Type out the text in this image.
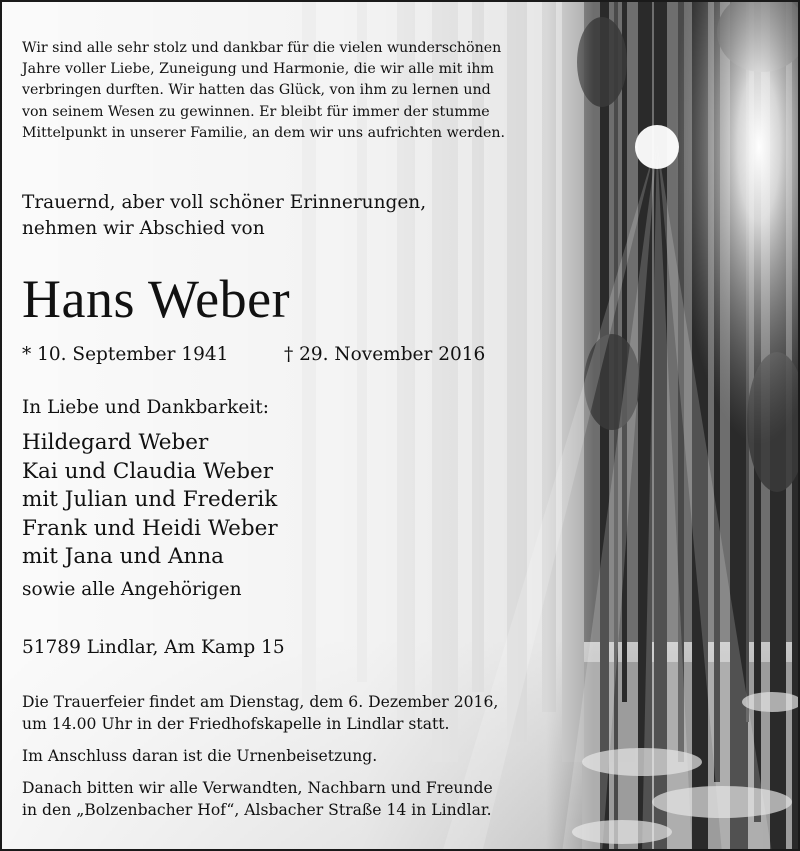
Wir sind alle sehr stolz und dankbar für die vielen wunderschönen
Jahre voller Liebe, Zuneigung und Harmonie, die wir alle mit ihm
verbringen durften. Wir hatten das Glück, von ihm zu lernen und
von seinem Wesen zu gewinnen. Er bleibt für immer der stumme
Mittelpunkt in unserer Familie, an dem wir uns aufrichten werden.
Trauernd, aber voll schöner Erinnerungen,
nehmen wir Abschied von
Hans Weber
* 10. September 1941	† 29. November 2016
In Liebe und Dankbarkeit:
Hildegard Weber
Kai und Claudia Weber
mit Julian und Frederik
Frank und Heidi Weber
mit Jana und Anna
sowie alle Angehörigen
51789 Lindlar, Am Kamp 15
Die Trauerfeier findet am Dienstag, dem 6. Dezember 2016,
um 14.00 Uhr in der Friedhofskapelle in Lindlar statt.
Im Anschluss daran ist die Urnenbeisetzung.
Danach bitten wir alle Verwandten, Nachbarn und Freunde
in den „Bolzenbacher Hof“, Alsbacher Straße 14 in Lindlar.
